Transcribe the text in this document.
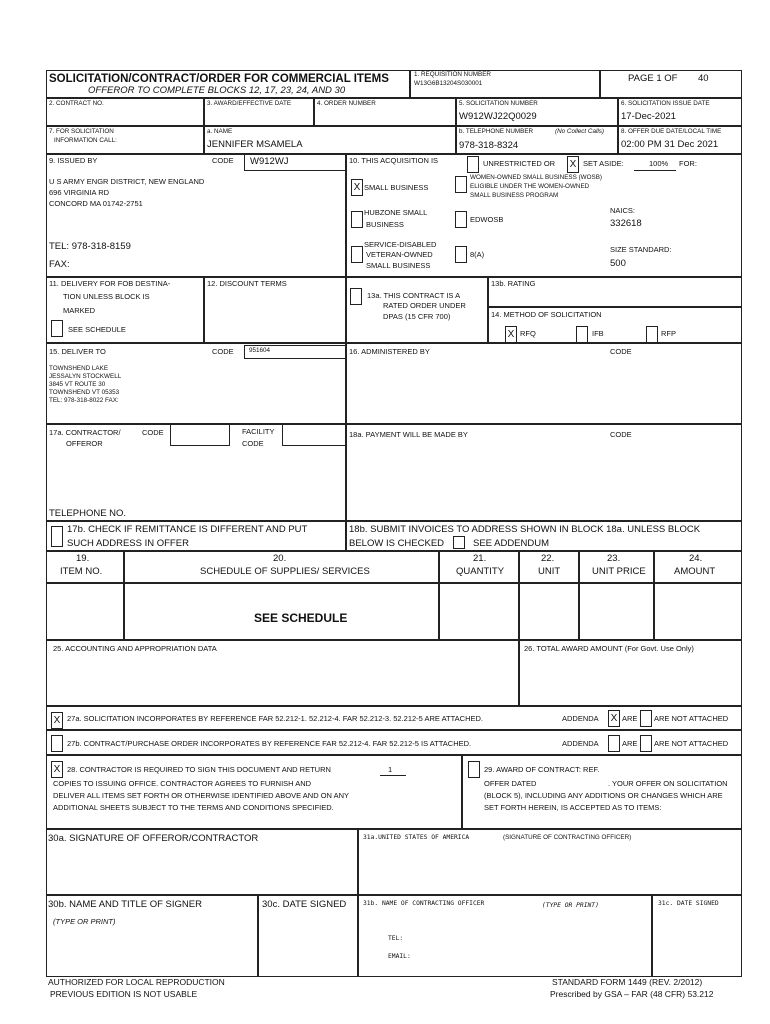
SOLICITATION/CONTRACT/ORDER FOR COMMERCIAL ITEMS
OFFEROR TO COMPLETE BLOCKS 12, 17, 23, 24, AND 30
1. REQUISITION NUMBER
W13G6B13204S030001	PAGE 1 OF 40
2. CONTRACT NO.	3. AWARD/EFFECTIVE DATE	4. ORDER NUMBER	5. SOLICITATION NUMBER
W912WJ22Q0029
6. SOLICITATION ISSUE DATE
17-Dec-2021
7. FOR SOLICITATION
INFORMATION CALL:
a. NAME
JENNIFER MSAMELA
b. TELEPHONE NUMBER	(No Collect Calls)
978-318-8324
8. OFFER DUE DATE/LOCAL TIME
02:00 PM 31 Dec 2021
9. ISSUED BY	CODE W912WJ
U S ARMY ENGR DISTRICT, NEW ENGLAND
696 VIRGINIA RD
CONCORD MA 01742-2751
TEL: 978-318-8159
FAX:
10. THIS ACQUISITION IS	UNRESTRICTED OR X SET ASIDE:	100% FOR:
X SMALL BUSINESS
WOMEN-OWNED SMALL BUSINESS (WOSB)
ELIGIBLE UNDER THE WOMEN-OWNED
SMALL BUSINESS PROGRAM
HUBZONE SMALL
BUSINESS
EDWOSB
NAICS:
332618
SERVICE-DISABLED
VETERAN-OWNED
SMALL BUSINESS
8(A)
SIZE STANDARD:
500
11. DELIVERY FOR FOB DESTINA-
TION UNLESS BLOCK IS
MARKED
SEE SCHEDULE
12. DISCOUNT TERMS
13a. THIS CONTRACT IS A
RATED ORDER UNDER
DPAS (15 CFR 700)
13b. RATING
14. METHOD OF SOLICITATION
X RFQ	IFB	RFP
15. DELIVER TO	CODE 951604
TOWNSHEND LAKE
JESSALYN STOCKWELL
3845 VT ROUTE 30
TOWNSHEND VT 05353
TEL: 978-318-8022 FAX:
16. ADMINISTERED BY	CODE
17a. CONTRACTOR/
OFFEROR
CODE	FACILITY
CODE
TELEPHONE NO.
18a. PAYMENT WILL BE MADE BY	CODE
17b. CHECK IF REMITTANCE IS DIFFERENT AND PUT
SUCH ADDRESS IN OFFER
18b. SUBMIT INVOICES TO ADDRESS SHOWN IN BLOCK 18a. UNLESS BLOCK
BELOW IS CHECKED	SEE ADDENDUM
19.
ITEM NO.
20.
SCHEDULE OF SUPPLIES/ SERVICES
21.
QUANTITY
22.
UNIT
23.
UNIT PRICE
24.
AMOUNT
SEE SCHEDULE
25. ACCOUNTING AND APPROPRIATION DATA	26. TOTAL AWARD AMOUNT (For Govt. Use Only)
X 27a. SOLICITATION INCORPORATES BY REFERENCE FAR 52.212-1. 52.212-4. FAR 52.212-3. 52.212-5 ARE ATTACHED.	ADDENDA X ARE ARE NOT ATTACHED
27b. CONTRACT/PURCHASE ORDER INCORPORATES BY REFERENCE FAR 52.212-4. FAR 52.212-5 IS ATTACHED.	ADDENDA	ARE ARE NOT ATTACHED
X 28. CONTRACTOR IS REQUIRED TO SIGN THIS DOCUMENT AND RETURN	1
COPIES TO ISSUING OFFICE. CONTRACTOR AGREES TO FURNISH AND
DELIVER ALL ITEMS SET FORTH OR OTHERWISE IDENTIFIED ABOVE AND ON ANY
ADDITIONAL SHEETS SUBJECT TO THE TERMS AND CONDITIONS SPECIFIED.
29. AWARD OF CONTRACT: REF.
OFFER DATED	. YOUR OFFER ON SOLICITATION
(BLOCK 5), INCLUDING ANY ADDITIONS OR CHANGES WHICH ARE
SET FORTH HEREIN, IS ACCEPTED AS TO ITEMS:
30a. SIGNATURE OF OFFEROR/CONTRACTOR	31a.UNITED STATES OF AMERICA	(SIGNATURE OF CONTRACTING OFFICER)
30b. NAME AND TITLE OF SIGNER
(TYPE OR PRINT)
30c. DATE SIGNED	31b. NAME OF CONTRACTING OFFICER	(TYPE OR PRINT)
TEL:
EMAIL:
31c. DATE SIGNED
AUTHORIZED FOR LOCAL REPRODUCTION
PREVIOUS EDITION IS NOT USABLE
STANDARD FORM 1449 (REV. 2/2012)
Prescribed by GSA – FAR (48 CFR) 53.212
